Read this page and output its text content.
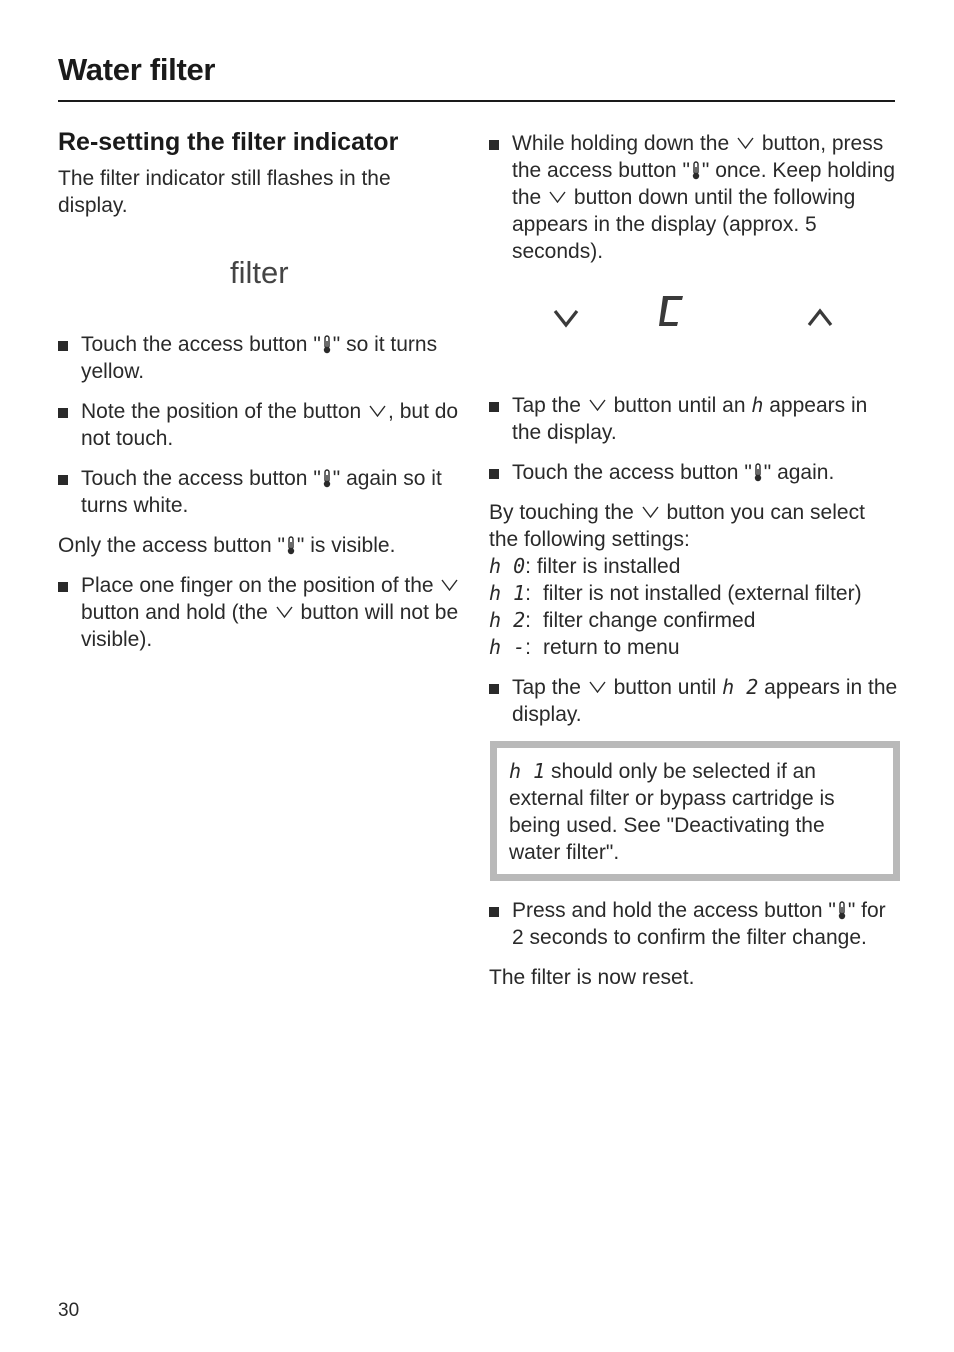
Water filter
Re-setting the filter indicator

The filter indicator still flashes in the display.

filter
Touch the access button " " so it turns yellow.
Note the position of the button , but do not touch.
Touch the access button " " again so it turns white.

Only the access button " " is visible.

Place one finger on the position of the  button and hold (the button will not be visible).
While holding down the button, press the access button " " once. Keep holding the button down until the following appears in the display (approx. 5 seconds).
Tap the button until an h appears in the display.
Touch the access button " " again.
By touching the button you can select the following settings:
h 0: filter is installed
h 1: filter is not installed (external filter)
h 2: filter change confirmed
h -: return to menu
Tap the button until h 2 appears in the display.
h 1 should only be selected if an external filter or bypass cartridge is being used. See "Deactivating the water filter".
Press and hold the access button " " for 2 seconds to confirm the filter change.

The filter is now reset.

30
